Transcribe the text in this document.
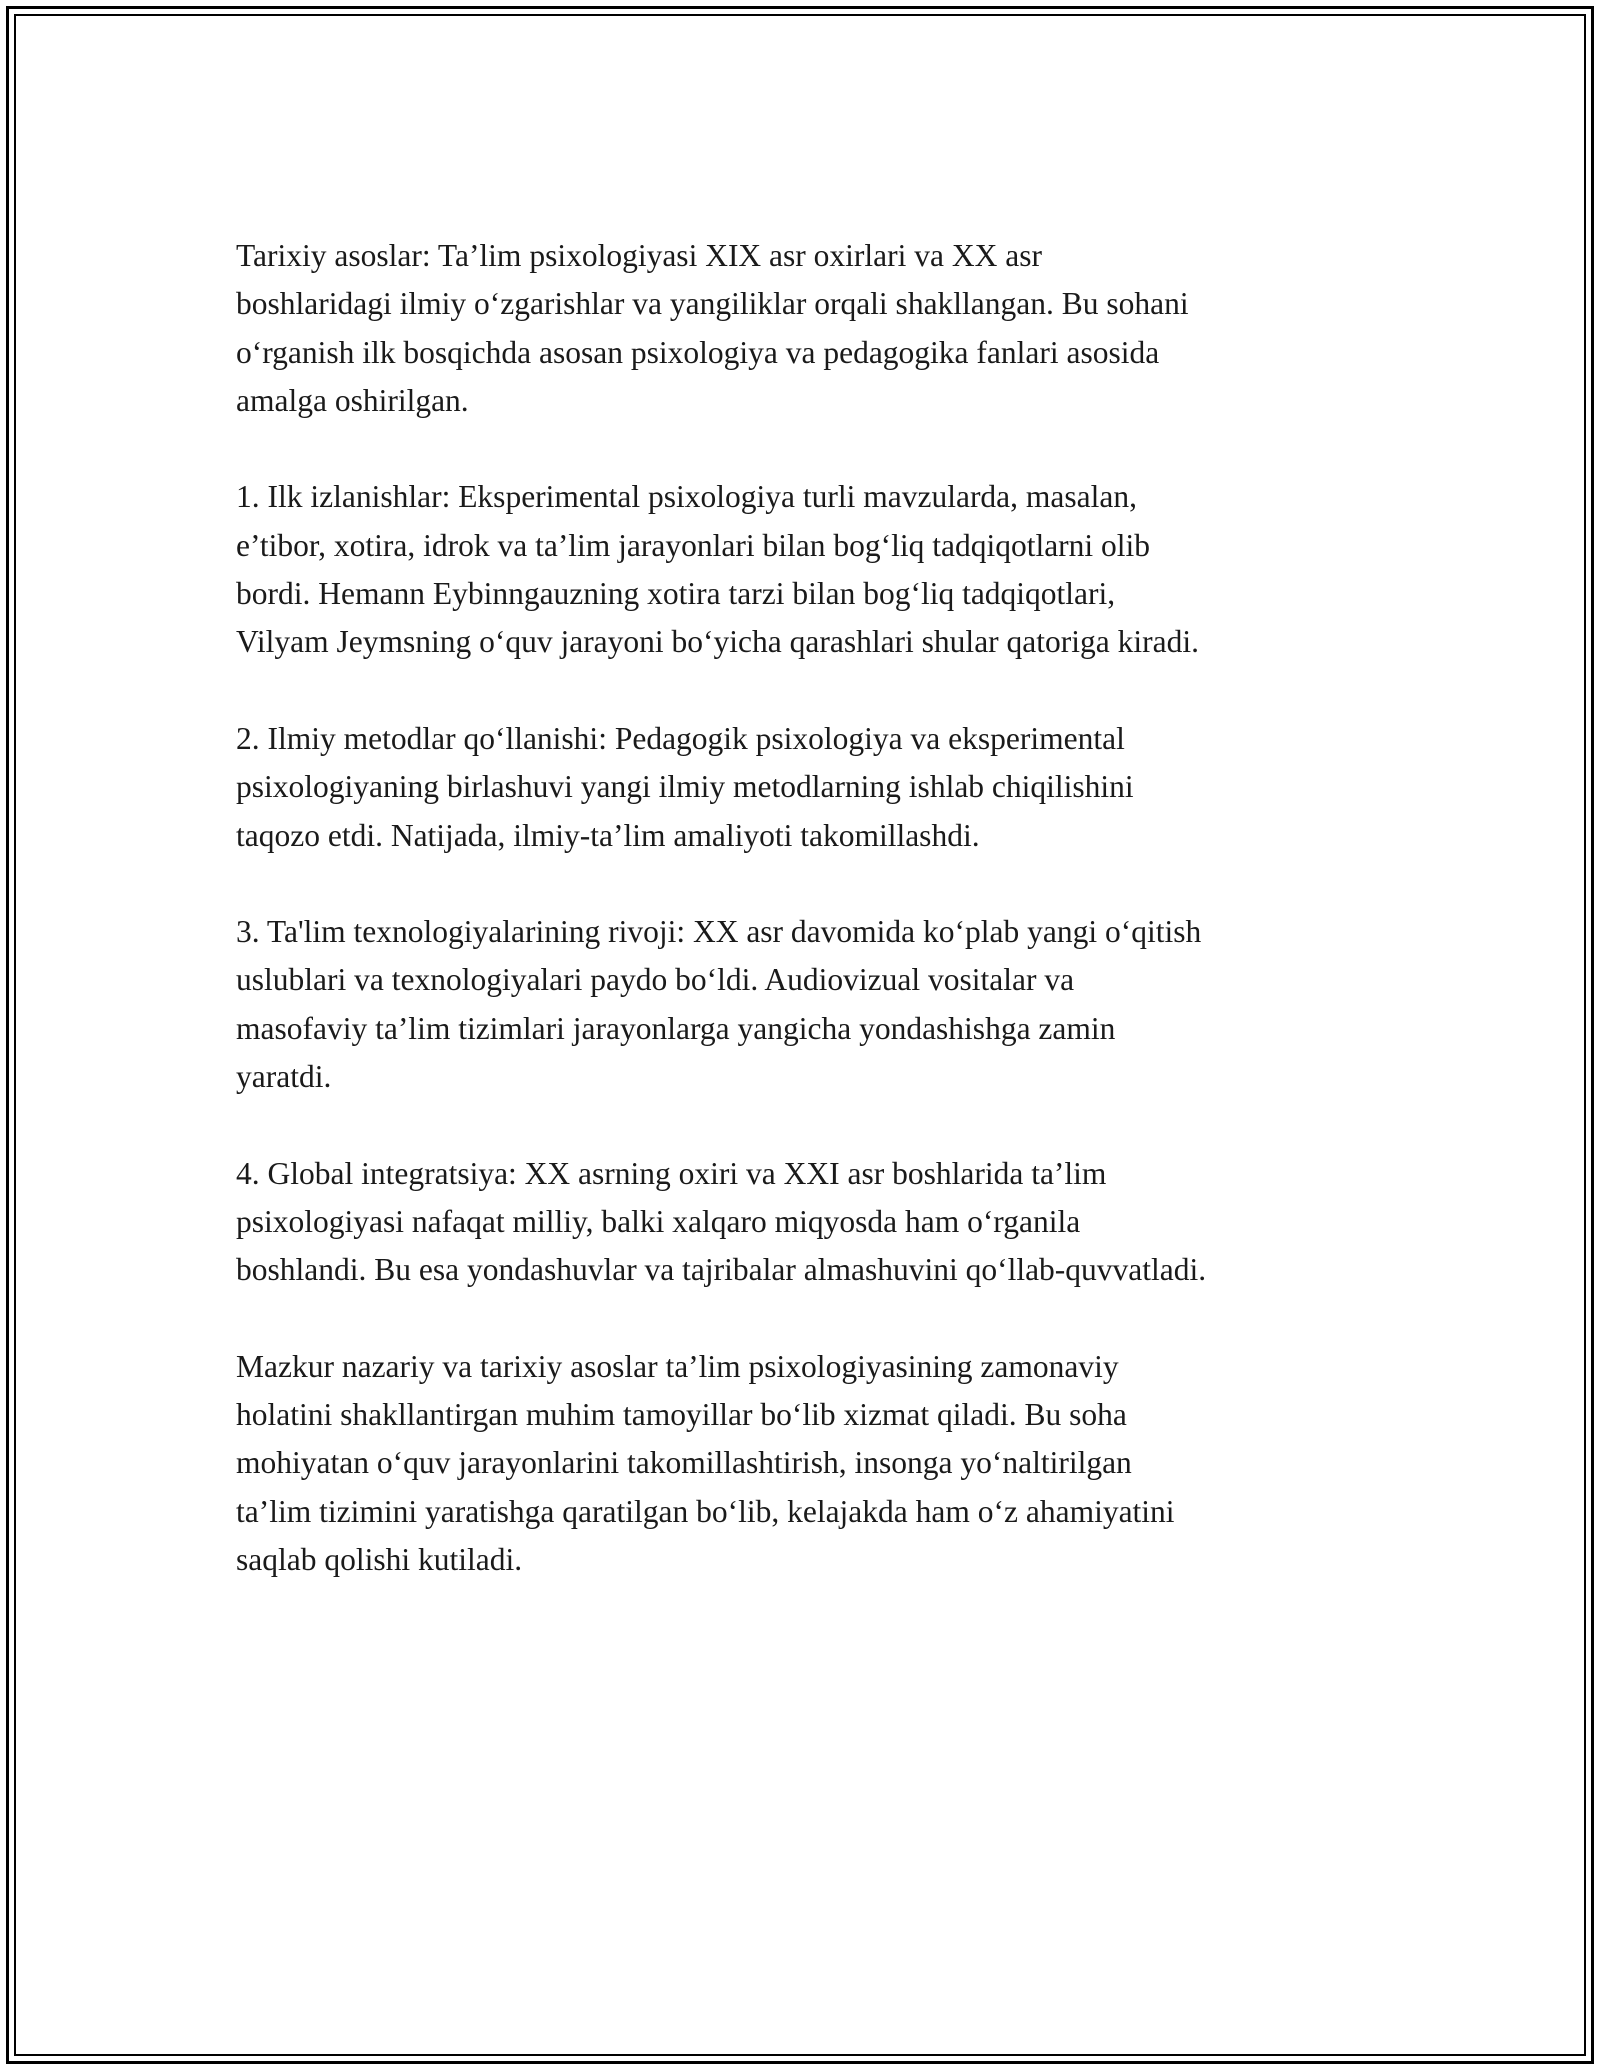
Tarixiy asoslar: Ta’lim psixologiyasi XIX asr oxirlari va XX asr
boshlaridagi ilmiy oʻzgarishlar va yangiliklar orqali shakllangan. Bu sohani
oʻrganish ilk bosqichda asosan psixologiya va pedagogika fanlari asosida
amalga oshirilgan.

1. Ilk izlanishlar: Eksperimental psixologiya turli mavzularda, masalan,
e’tibor, xotira, idrok va ta’lim jarayonlari bilan bogʻliq tadqiqotlarni olib
bordi. Hemann Eybinngauzning xotira tarzi bilan bogʻliq tadqiqotlari,
Vilyam Jeymsning oʻquv jarayoni boʻyicha qarashlari shular qatoriga kiradi.

2. Ilmiy metodlar qoʻllanishi: Pedagogik psixologiya va eksperimental
psixologiyaning birlashuvi yangi ilmiy metodlarning ishlab chiqilishini
taqozo etdi. Natijada, ilmiy-ta’lim amaliyoti takomillashdi.

3. Ta'lim texnologiyalarining rivoji: XX asr davomida koʻplab yangi oʻqitish
uslublari va texnologiyalari paydo boʻldi. Audiovizual vositalar va
masofaviy ta’lim tizimlari jarayonlarga yangicha yondashishga zamin
yaratdi.

4. Global integratsiya: XX asrning oxiri va XXI asr boshlarida ta’lim
psixologiyasi nafaqat milliy, balki xalqaro miqyosda ham oʻrganila
boshlandi. Bu esa yondashuvlar va tajribalar almashuvini qoʻllab-quvvatladi.

Mazkur nazariy va tarixiy asoslar ta’lim psixologiyasining zamonaviy
holatini shakllantirgan muhim tamoyillar boʻlib xizmat qiladi. Bu soha
mohiyatan oʻquv jarayonlarini takomillashtirish, insonga yoʻnaltirilgan
ta’lim tizimini yaratishga qaratilgan boʻlib, kelajakda ham oʻz ahamiyatini
saqlab qolishi kutiladi.
